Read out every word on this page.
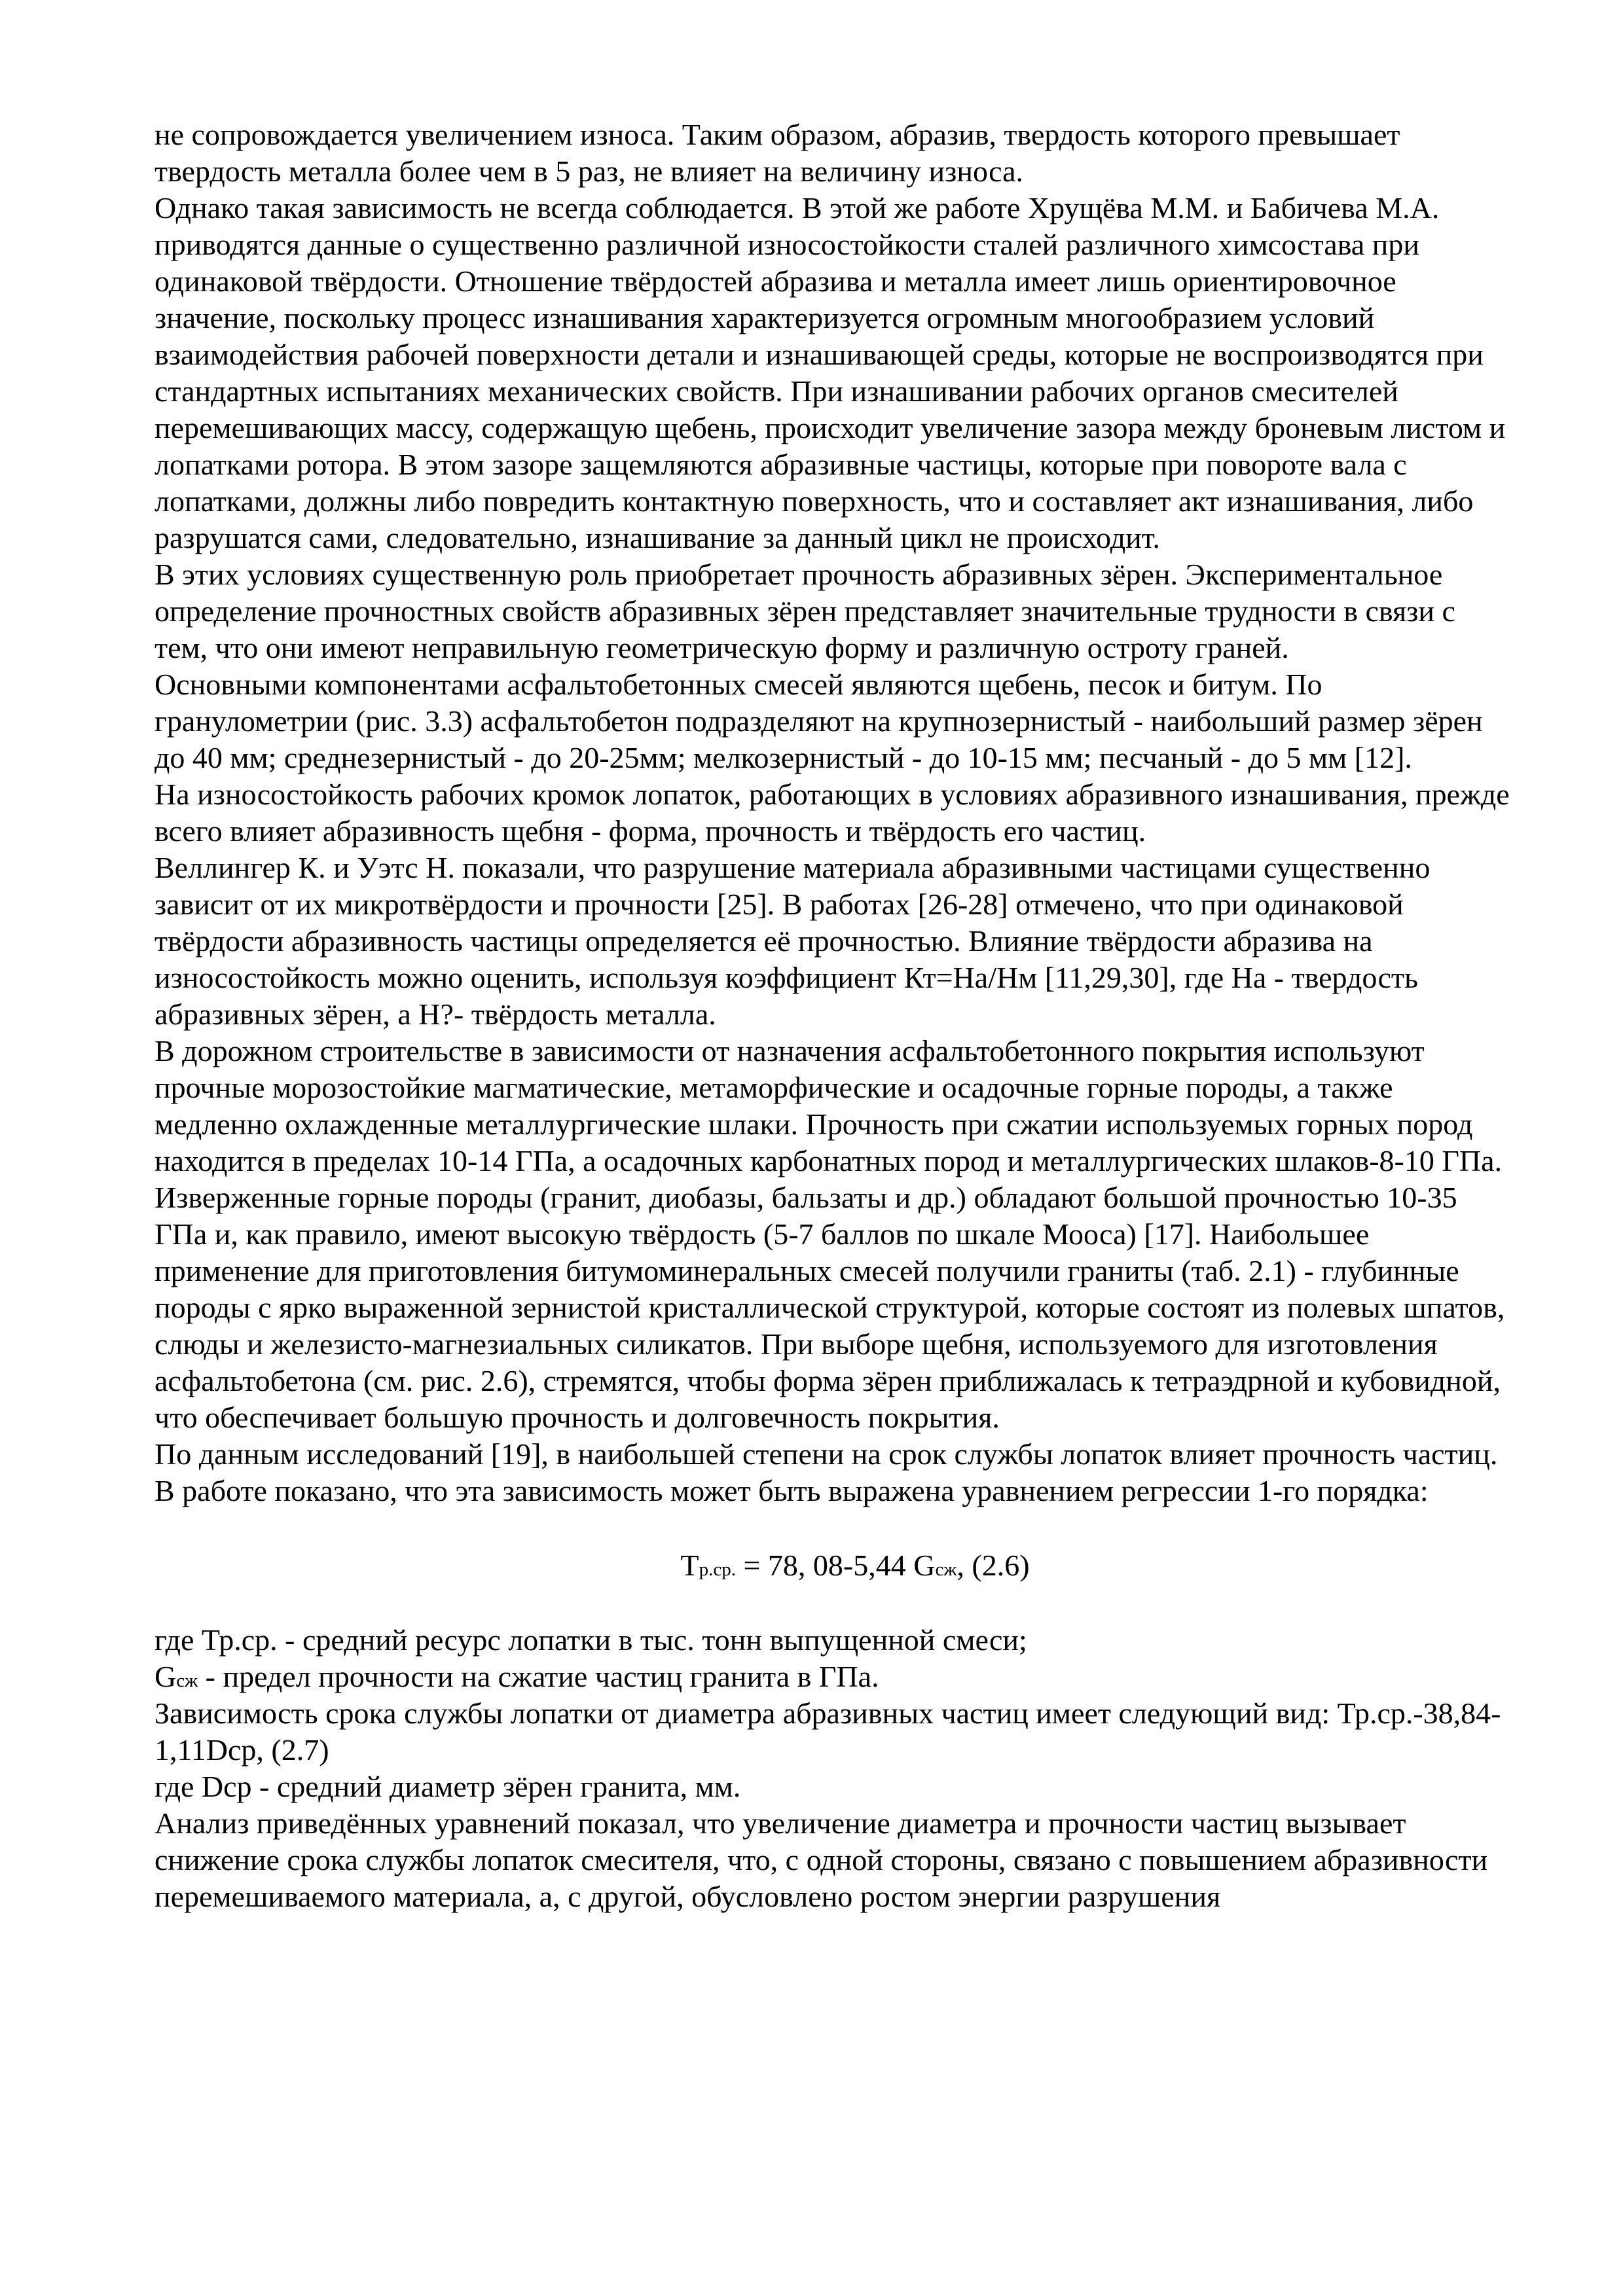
не сопровождается увеличением износа. Таким образом, абразив, твердость которого превышает твердость металла более чем в 5 раз, не влияет на величину износа.

Однако такая зависимость не всегда соблюдается. В этой же работе Хрущёва М.М. и Бабичева М.А. приводятся данные о существенно различной износостойкости сталей различного химсостава при одинаковой твёрдости. Отношение твёрдостей абразива и металла имеет лишь ориентировочное значение, поскольку процесс изнашивания характеризуется огромным многообразием условий взаимодействия рабочей поверхности детали и изнашивающей среды, которые не воспроизводятся при стандартных испытаниях механических свойств. При изнашивании рабочих органов смесителей перемешивающих массу, содержащую щебень, происходит увеличение зазора между броневым листом и лопатками ротора. В этом зазоре защемляются абразивные частицы, которые при повороте вала с лопатками, должны либо повредить контактную поверхность, что и составляет акт изнашивания, либо разрушатся сами, следовательно, изнашивание за данный цикл не происходит.

В этих условиях существенную роль приобретает прочность абразивных зёрен. Экспериментальное определение прочностных свойств абразивных зёрен представляет значительные трудности в связи с тем, что они имеют неправильную геометрическую форму и различную остроту граней.

Основными компонентами асфальтобетонных смесей являются щебень, песок и битум. По гранулометрии (рис. 3.3) асфальтобетон подразделяют на крупнозернистый - наибольший размер зёрен до 40 мм; среднезернистый - до 20-25мм; мелкозернистый - до 10-15 мм; песчаный - до 5 мм [12].

На износостойкость рабочих кромок лопаток, работающих в условиях абразивного изнашивания, прежде всего влияет абразивность щебня - форма, прочность и твёрдость его частиц.

Веллингер К. и Уэтс Н. показали, что разрушение материала абразивными частицами существенно зависит от их микротвёрдости и прочности [25]. В работах [26-28] отмечено, что при одинаковой твёрдости абразивность частицы определяется её прочностью. Влияние твёрдости абразива на износостойкость можно оценить, используя коэффициент Кт=На/Нм [11,29,30], где На - твердость абразивных зёрен, а Н?- твёрдость металла.

В дорожном строительстве в зависимости от назначения асфальтобетонного покрытия используют прочные морозостойкие магматические, метаморфические и осадочные горные породы, а также медленно охлажденные металлургические шлаки. Прочность при сжатии используемых горных пород находится в пределах 10-14 ГПа, а осадочных карбонатных пород и металлургических шлаков-8-10 ГПа. Изверженные горные породы (гранит, диобазы, бальзаты и др.) обладают большой прочностью 10-35 ГПа и, как правило, имеют высокую твёрдость (5-7 баллов по шкале Мооса) [17]. Наибольшее применение для приготовления битумоминеральных смесей получили граниты (таб. 2.1) - глубинные породы с ярко выраженной зернистой кристаллической структурой, которые состоят из полевых шпатов, слюды и железисто-магнезиальных силикатов. При выборе щебня, используемого для изготовления асфальтобетона (см. рис. 2.6), стремятся, чтобы форма зёрен приближалась к тетраэдрной и кубовидной, что обеспечивает большую прочность и долговечность покрытия.

По данным исследований [19], в наибольшей степени на срок службы лопаток влияет прочность частиц. В работе показано, что эта зависимость может быть выражена уравнением регрессии 1-го порядка:

Тр.ср. = 78, 08-5,44 Gсж, (2.6)

где Тр.ср. - средний ресурс лопатки в тыс. тонн выпущенной смеси;

Gсж - предел прочности на сжатие частиц гранита в ГПа.

Зависимость срока службы лопатки от диаметра абразивных частиц имеет следующий вид: Тр.ср.-38,84-1,11Dср, (2.7)

где Dср - средний диаметр зёрен гранита, мм.

Анализ приведённых уравнений показал, что увеличение диаметра и прочности частиц вызывает снижение срока службы лопаток смесителя, что, с одной стороны, связано с повышением абразивности перемешиваемого материала, а, с другой, обусловлено ростом энергии разрушения
